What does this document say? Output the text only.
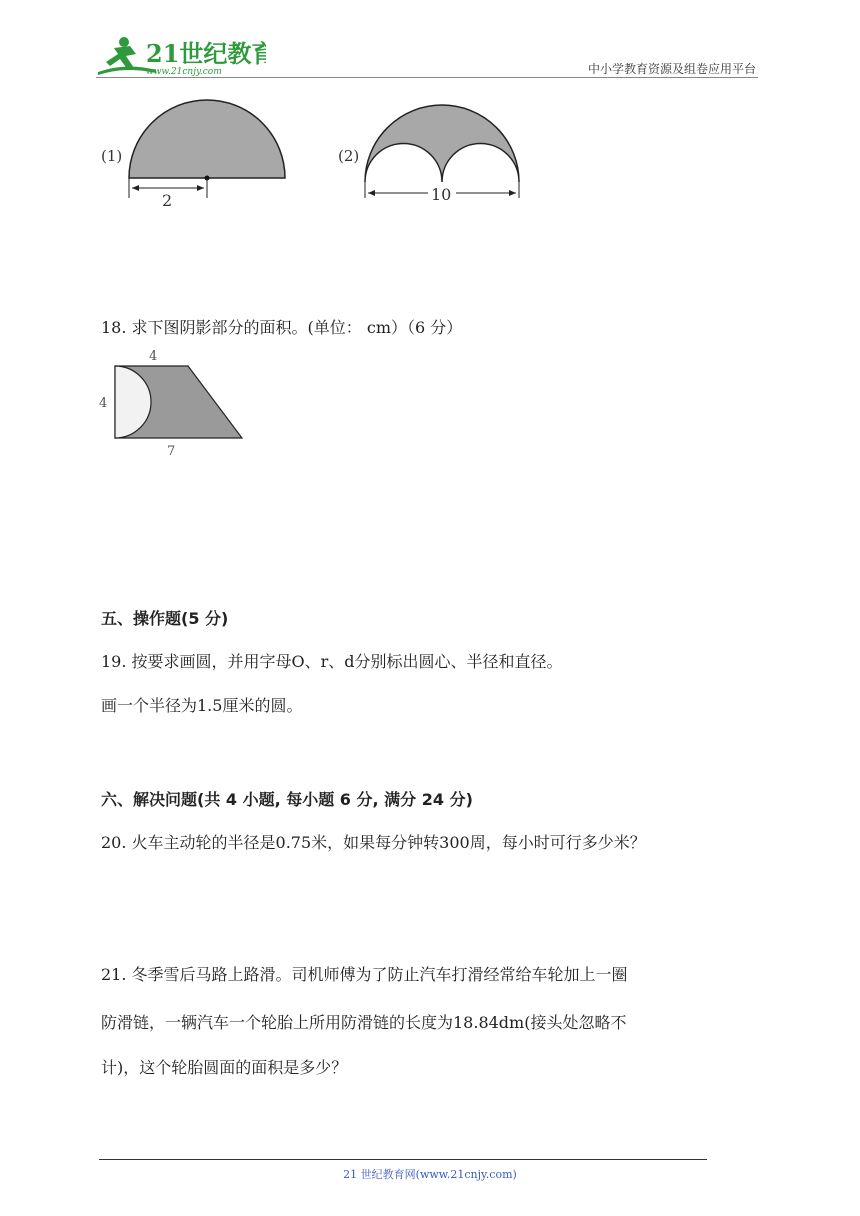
21世纪教育
www.21cnjy.com	中小学教育资源及组卷应用平台
(1)
2
(2)
10
18. 求下图阴影部分的面积。(单位： cm）（6 分）
4
4
7
五、操作题(5 分)
19. 按要求画圆，并用字母O、r、d分别标出圆心、半径和直径。
画一个半径为1.5厘米的圆。
六、解决问题(共 4 小题, 每小题 6 分, 满分 24 分)
20. 火车主动轮的半径是0.75米，如果每分钟转300周，每小时可行多少米？
21. 冬季雪后马路上路滑。司机师傅为了防止汽车打滑经常给车轮加上一圈
防滑链，一辆汽车一个轮胎上所用防滑链的长度为18.84dm(接头处忽略不
计)，这个轮胎圆面的面积是多少？
21 世纪教育网(www.21cnjy.com)
